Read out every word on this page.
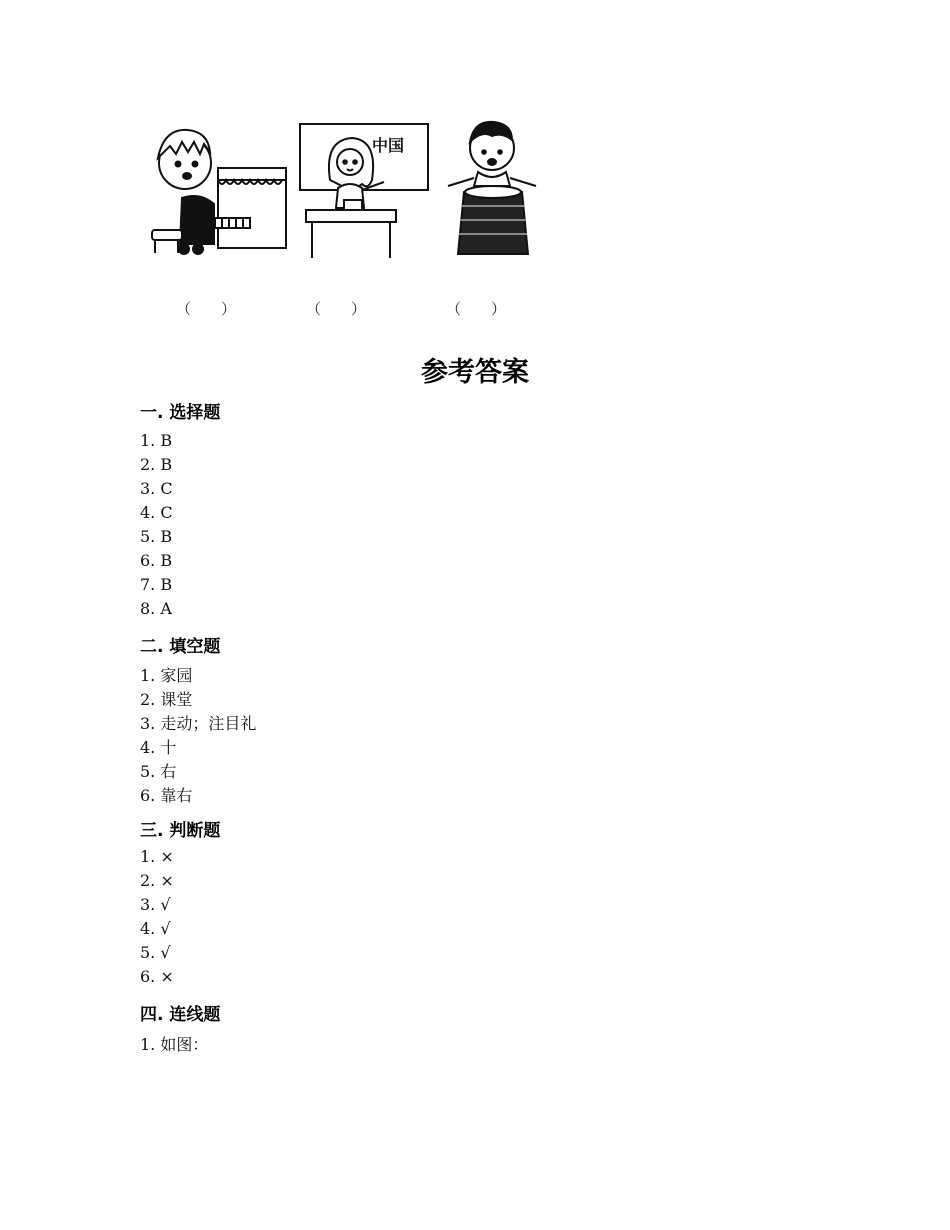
中国
（　　）	（　　）	（　　）
参考答案
一. 选择题
1. B
2. B
3. C
4. C
5. B
6. B
7. B
8. A
二. 填空题
1. 家园
2. 课堂
3. 走动；注目礼
4. 十
5. 右
6. 靠右
三. 判断题
1. ×
2. ×
3. √
4. √
5. √
6. ×
四. 连线题
1. 如图：
